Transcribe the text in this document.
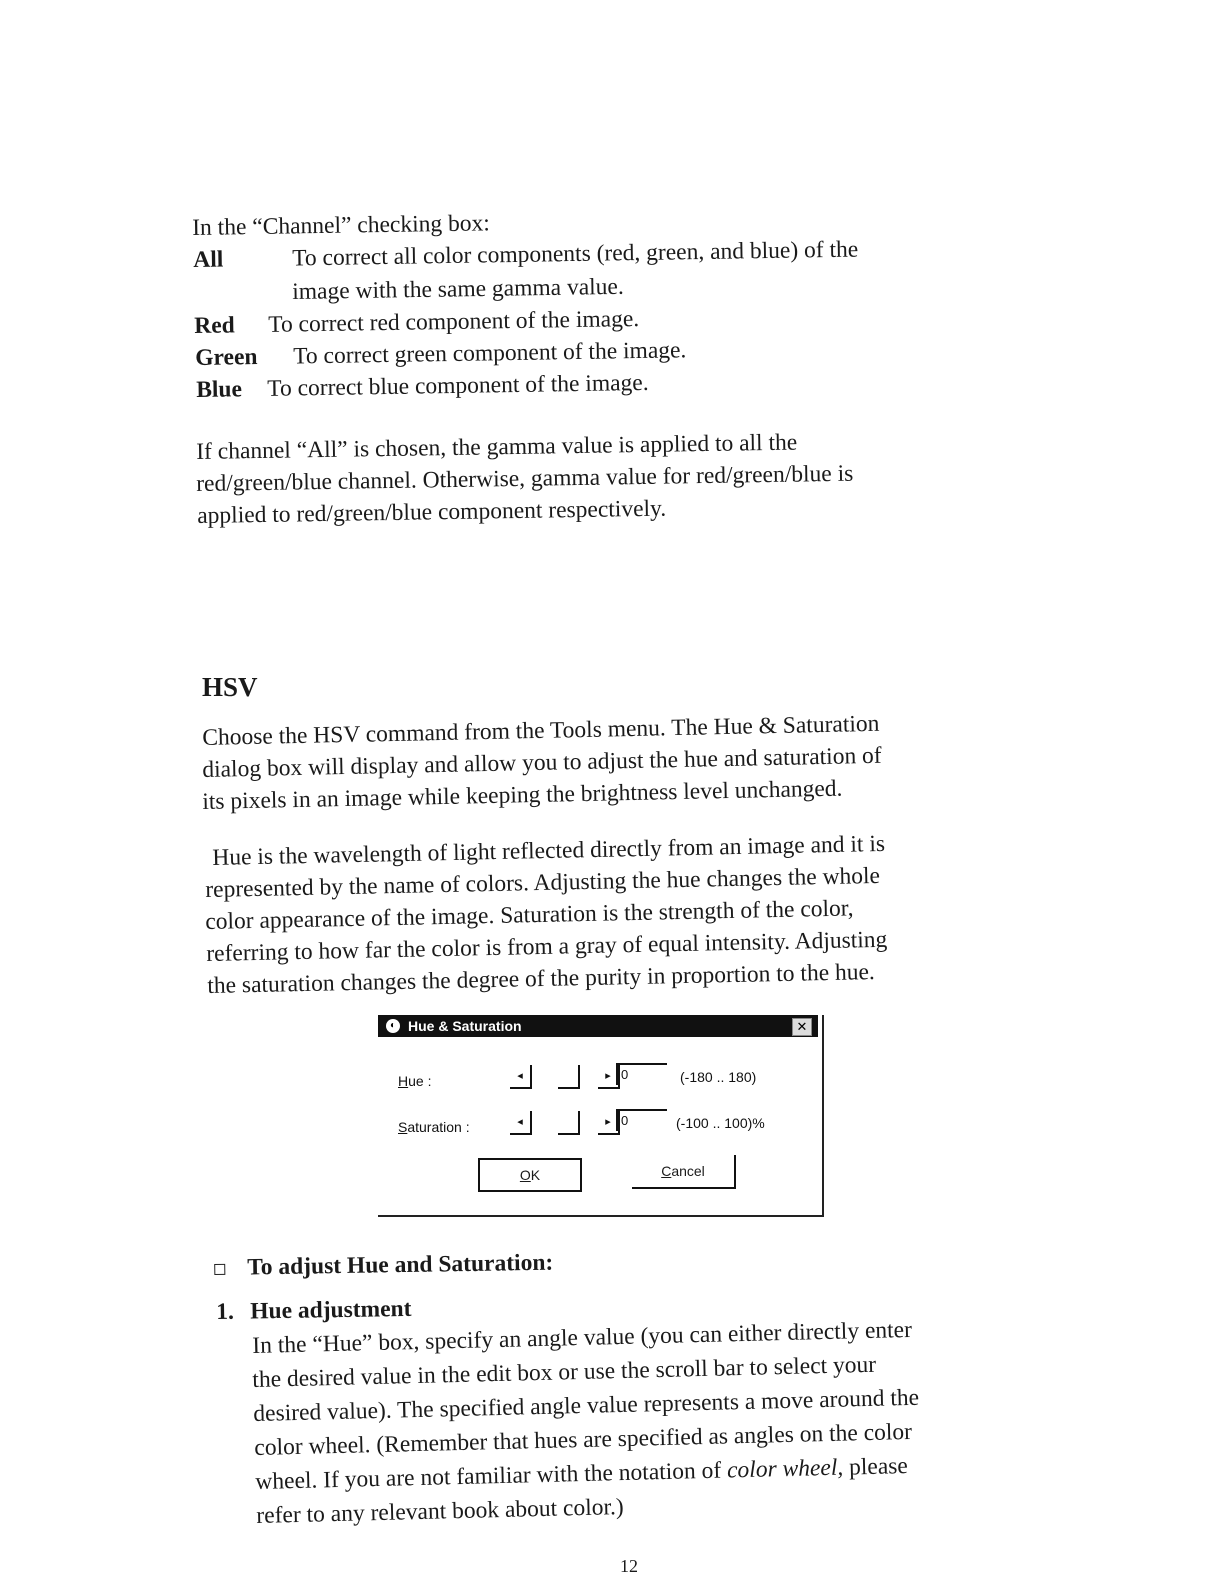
In the “Channel” checking box:
All	To correct all color components (red, green, and blue) of the
image with the same gamma value.
Red To correct red component of the image.
Green To correct green component of the image.
Blue To correct blue component of the image.
If channel “All” is chosen, the gamma value is applied to all the
red/green/blue channel. Otherwise, gamma value for red/green/blue is
applied to red/green/blue component respectively.
HSV
Choose the HSV command from the Tools menu. The Hue & Saturation
dialog box will display and allow you to adjust the hue and saturation of
its pixels in an image while keeping the brightness level unchanged.
Hue is the wavelength of light reflected directly from an image and it is
represented by the name of colors. Adjusting the hue changes the whole
color appearance of the image. Saturation is the strength of the color,
referring to how far the color is from a gray of equal intensity. Adjusting
the saturation changes the degree of the purity in proportion to the hue.
◐ Hue & Saturation	✕
Hue :	◂	▸ 0	(-180 .. 180)
Saturation :	◂	▸ 0	(-100 .. 100)%
OK	Cancel
To adjust Hue and Saturation:
1. Hue adjustment
In the “Hue” box, specify an angle value (you can either directly enter
the desired value in the edit box or use the scroll bar to select your
desired value). The specified angle value represents a move around the
color wheel. (Remember that hues are specified as angles on the color
wheel. If you are not familiar with the notation of color wheel, please
refer to any relevant book about color.)
12
